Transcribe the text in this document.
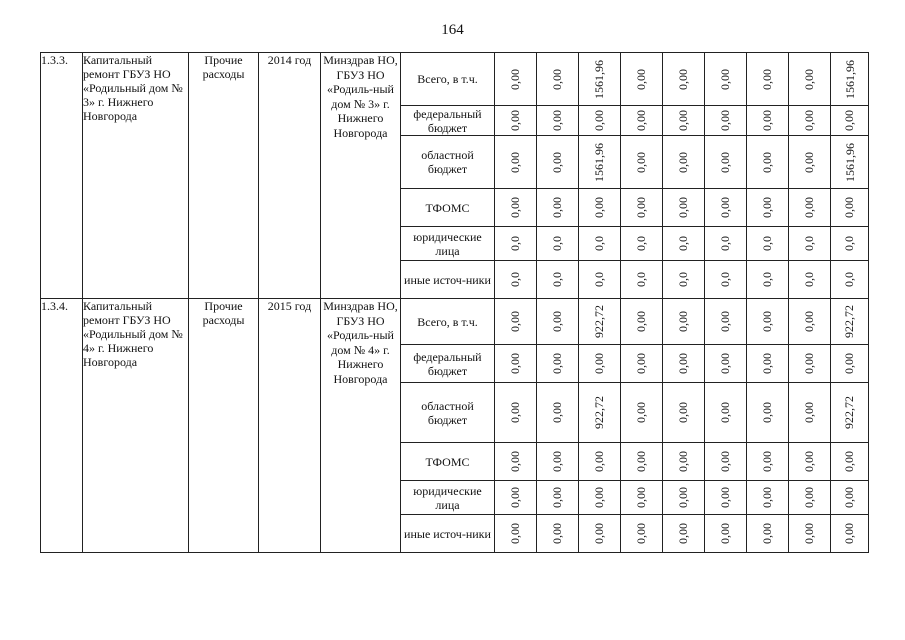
164
1.3.3.	Капитальный ремонт ГБУЗ НО «Родильный дом № 3» г. Нижнего Новгорода	Прочие расходы	2014 год	Минздрав НО, ГБУЗ НО «Родиль-ный дом № 3» г. Нижнего Новгорода	Всего, в т.ч.	0,00	0,00	1561,96	0,00	0,00	0,00	0,00	0,00	1561,96
					федеральный бюджет	0,00	0,00	0,00	0,00	0,00	0,00	0,00	0,00	0,00
					областной бюджет	0,00	0,00	1561,96	0,00	0,00	0,00	0,00	0,00	1561,96
					ТФОМС	0,00	0,00	0,00	0,00	0,00	0,00	0,00	0,00	0,00
					юридические лица	0,0	0,0	0,0	0,0	0,0	0,0	0,0	0,0	0,0
					иные источ-ники	0,0	0,0	0,0	0,0	0,0	0,0	0,0	0,0	0,0
1.3.4.	Капитальный ремонт ГБУЗ НО «Родильный дом № 4» г. Нижнего Новгорода	Прочие расходы	2015 год	Минздрав НО, ГБУЗ НО «Родиль-ный дом № 4» г. Нижнего Новгорода	Всего, в т.ч.	0,00	0,00	922,72	0,00	0,00	0,00	0,00	0,00	922,72
					федеральный бюджет	0,00	0,00	0,00	0,00	0,00	0,00	0,00	0,00	0,00
					областной бюджет	0,00	0,00	922,72	0,00	0,00	0,00	0,00	0,00	922,72
					ТФОМС	0,00	0,00	0,00	0,00	0,00	0,00	0,00	0,00	0,00
					юридические лица	0,00	0,00	0,00	0,00	0,00	0,00	0,00	0,00	0,00
					иные источ-ники	0,00	0,00	0,00	0,00	0,00	0,00	0,00	0,00	0,00
